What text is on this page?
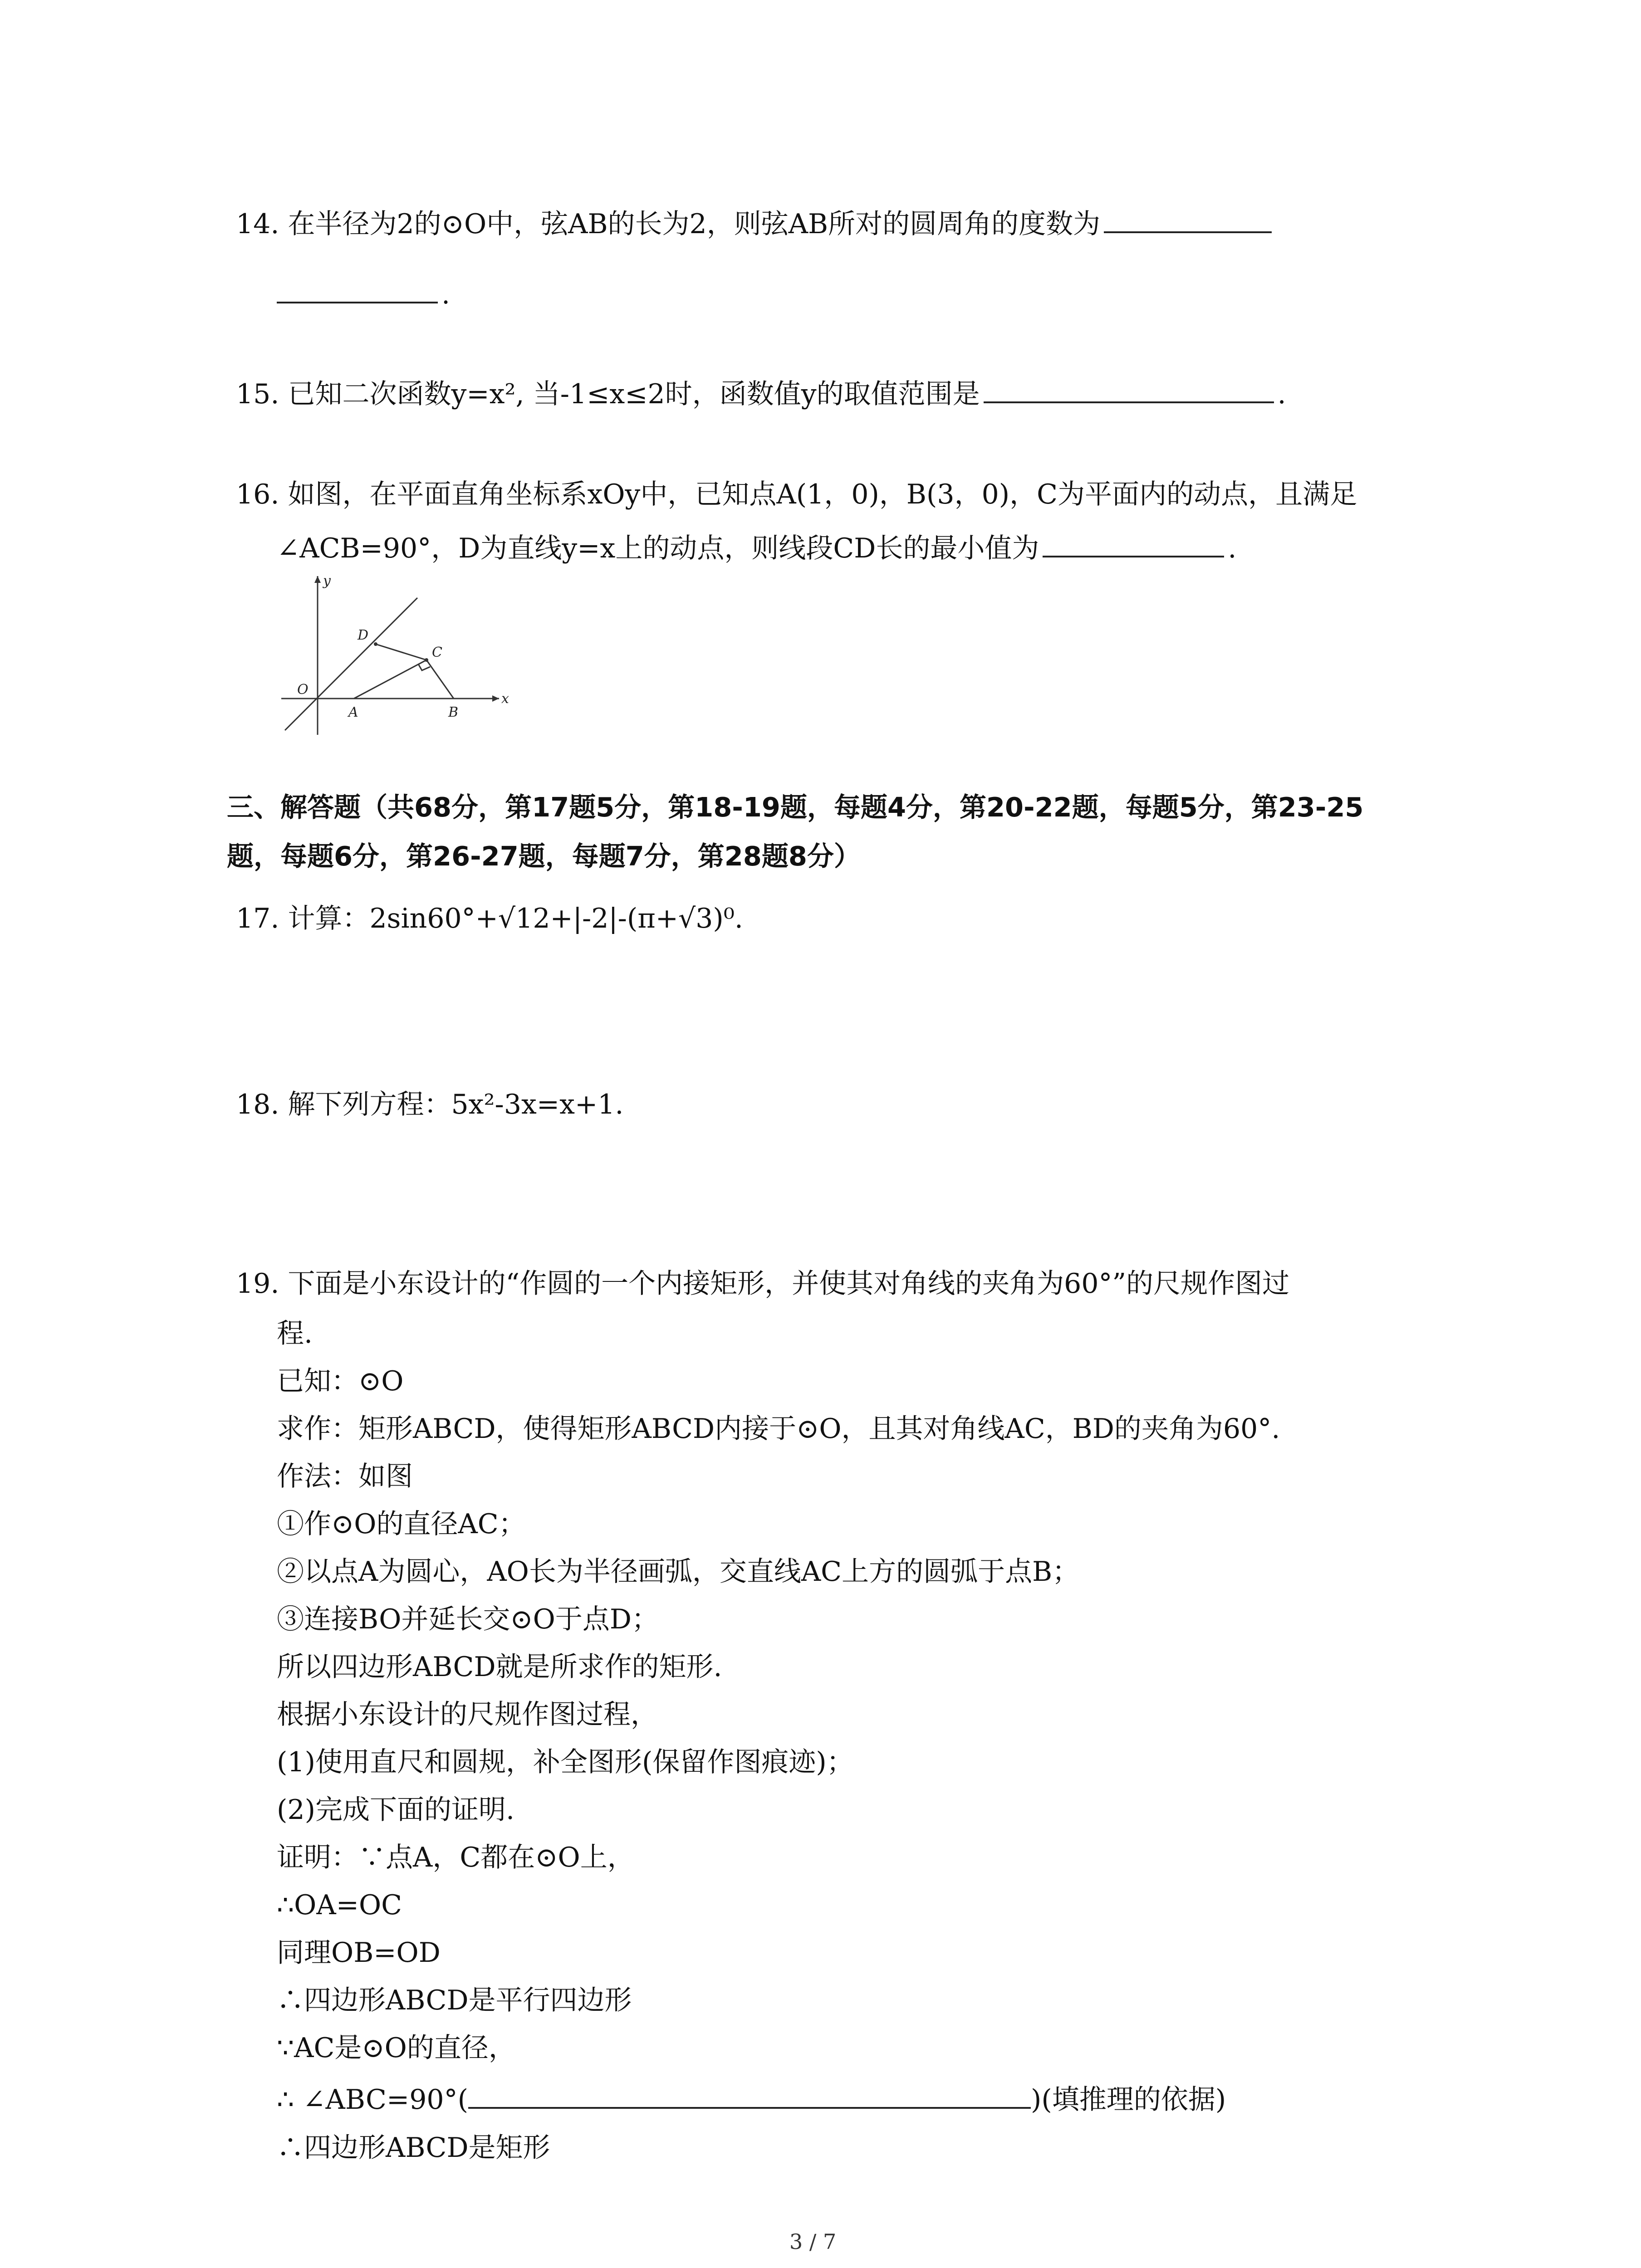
14. 在半径为2的⊙O中，弦AB的长为2，则弦AB所对的圆周角的度数为
.
15. 已知二次函数y=x², 当-1≤x≤2时，函数值y的取值范围是	.
16. 如图，在平面直角坐标系xOy中，已知点A(1，0)，B(3，0)，C为平面内的动点，且满足
∠ACB=90°，D为直线y=x上的动点，则线段CD长的最小值为	.
y
x
O
A	B
C
D
三、解答题（共68分，第17题5分，第18-19题，每题4分，第20-22题，每题5分，第23-25
题，每题6分，第26-27题，每题7分，第28题8分）
17. 计算：2sin60°+√12+|-2|-(π+√3)⁰.
18. 解下列方程：5x²-3x=x+1.
19. 下面是小东设计的“作圆的一个内接矩形，并使其对角线的夹角为60°”的尺规作图过
程.
已知：⊙O
求作：矩形ABCD，使得矩形ABCD内接于⊙O，且其对角线AC，BD的夹角为60°.
作法：如图
①作⊙O的直径AC；
②以点A为圆心，AO长为半径画弧，交直线AC上方的圆弧于点B；
③连接BO并延长交⊙O于点D；
所以四边形ABCD就是所求作的矩形.
根据小东设计的尺规作图过程，
(1)使用直尺和圆规，补全图形(保留作图痕迹)；
(2)完成下面的证明.
证明：∵点A，C都在⊙O上，
∴OA=OC
同理OB=OD
∴四边形ABCD是平行四边形
∵AC是⊙O的直径，
∴ ∠ABC=90°(	)(填推理的依据)
∴四边形ABCD是矩形
3 / 7
